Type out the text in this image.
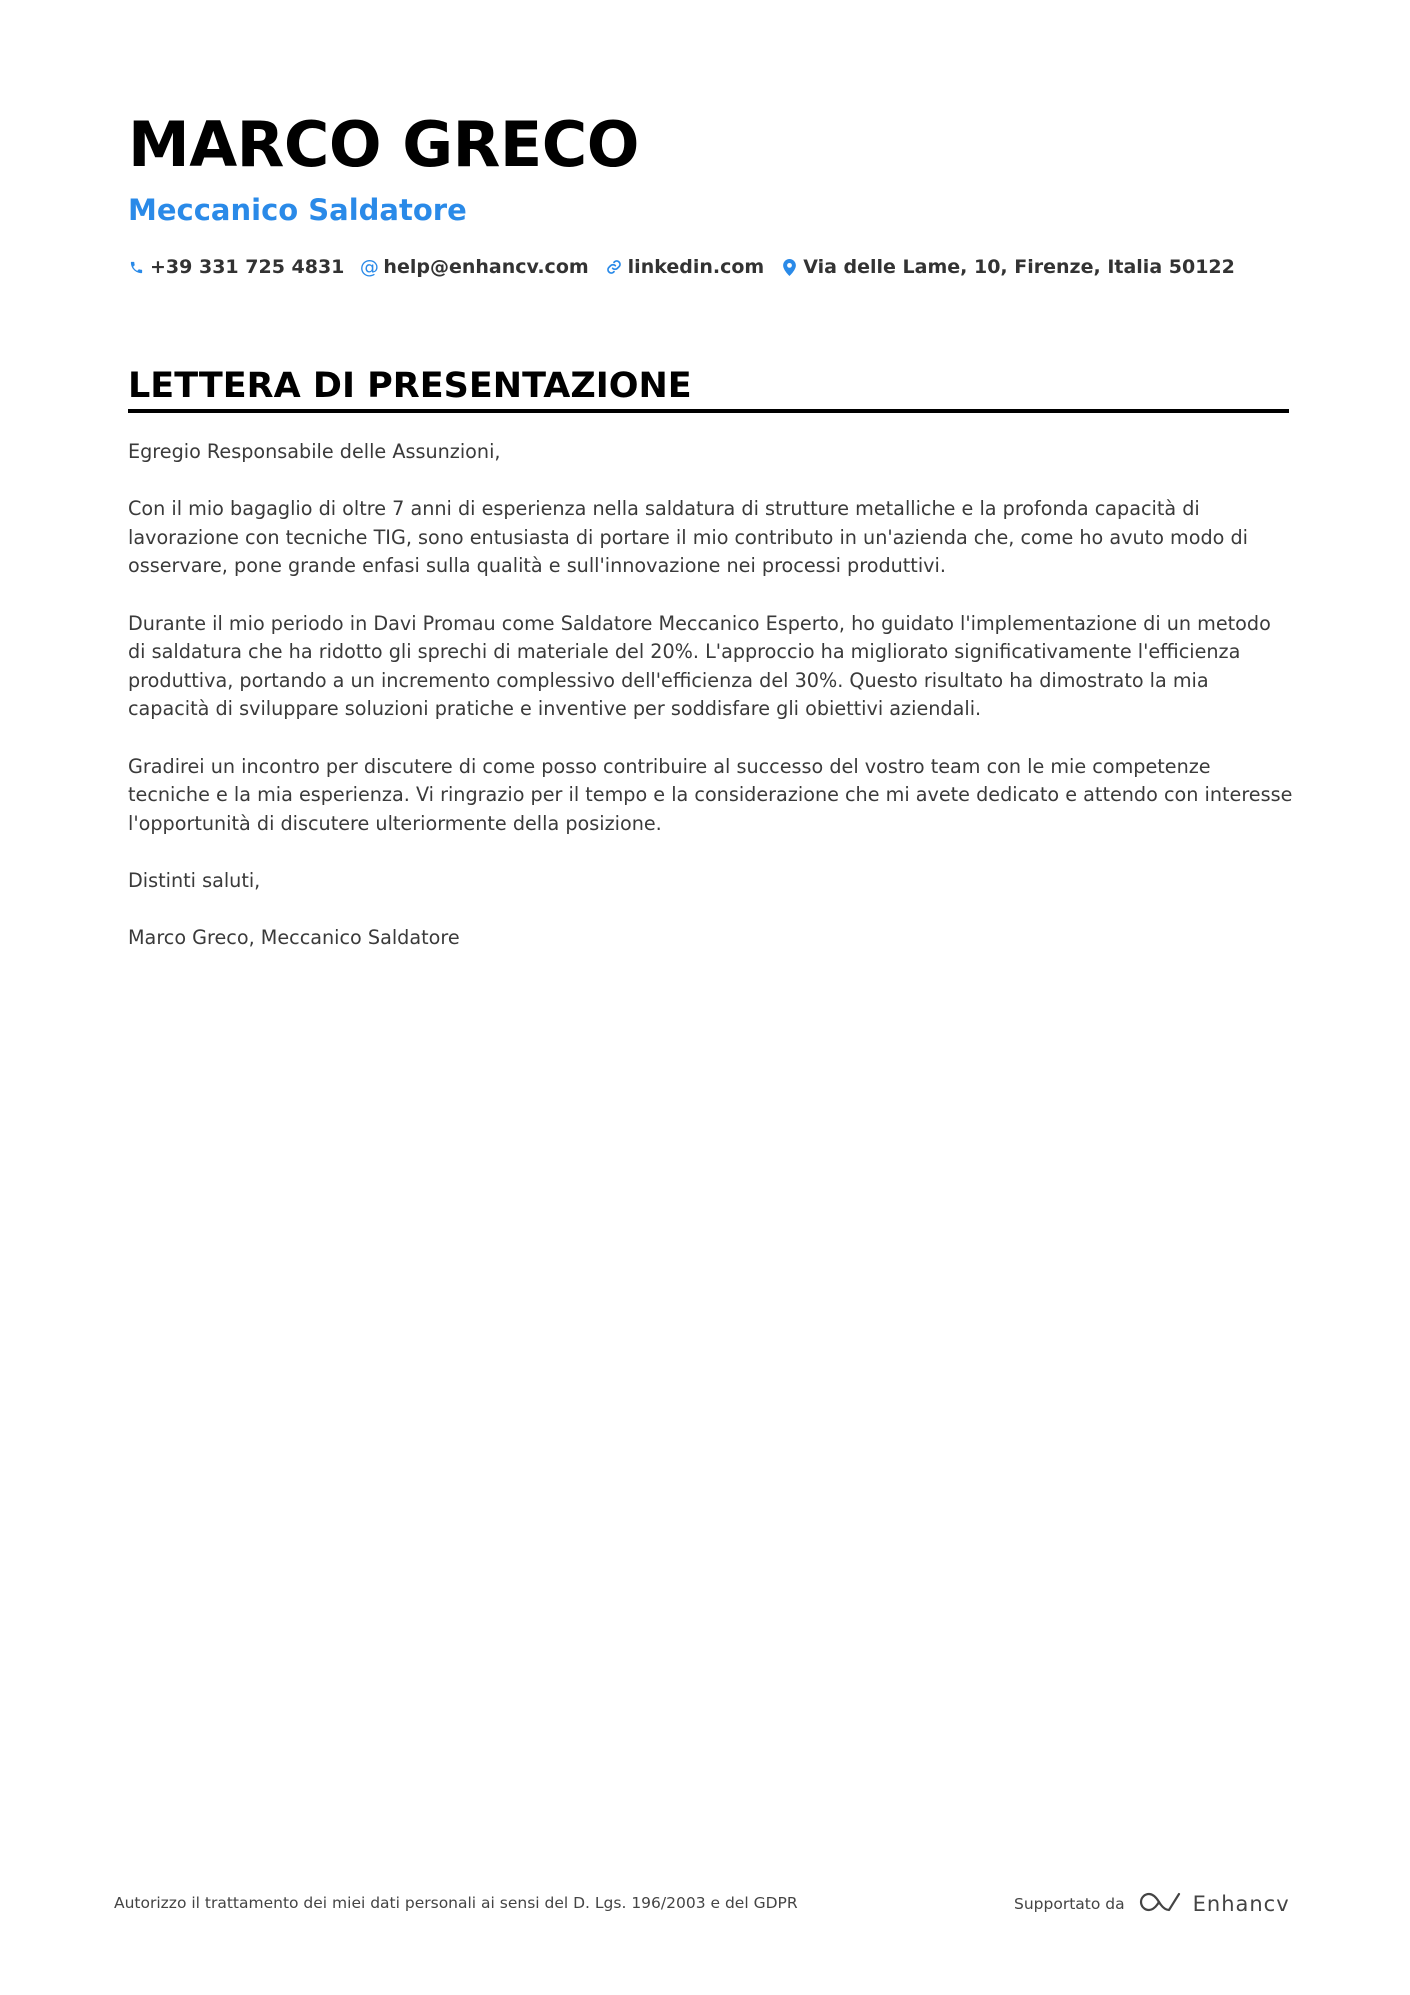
MARCO GRECO
Meccanico Saldatore
+39 331 725 4831 @ help@enhancv.com linkedin.com Via delle Lame, 10, Firenze, Italia 50122
LETTERA DI PRESENTAZIONE

Egregio Responsabile delle Assunzioni,

Con il mio bagaglio di oltre 7 anni di esperienza nella saldatura di strutture metalliche e la profonda capacità di lavorazione con tecniche TIG, sono entusiasta di portare il mio contributo in un'azienda che, come ho avuto modo di osservare, pone grande enfasi sulla qualità e sull'innovazione nei processi produttivi.

Durante il mio periodo in Davi Promau come Saldatore Meccanico Esperto, ho guidato l'implementazione di un metodo di saldatura che ha ridotto gli sprechi di materiale del 20%. L'approccio ha migliorato significativamente l'efficienza produttiva, portando a un incremento complessivo dell'efficienza del 30%. Questo risultato ha dimostrato la mia capacità di sviluppare soluzioni pratiche e inventive per soddisfare gli obiettivi aziendali.

Gradirei un incontro per discutere di come posso contribuire al successo del vostro team con le mie competenze tecniche e la mia esperienza. Vi ringrazio per il tempo e la considerazione che mi avete dedicato e attendo con interesse l'opportunità di discutere ulteriormente della posizione.

Distinti saluti,

Marco Greco, Meccanico Saldatore

Autorizzo il trattamento dei miei dati personali ai sensi del D. Lgs. 196/2003 e del GDPR	Supportato da	Enhancv
